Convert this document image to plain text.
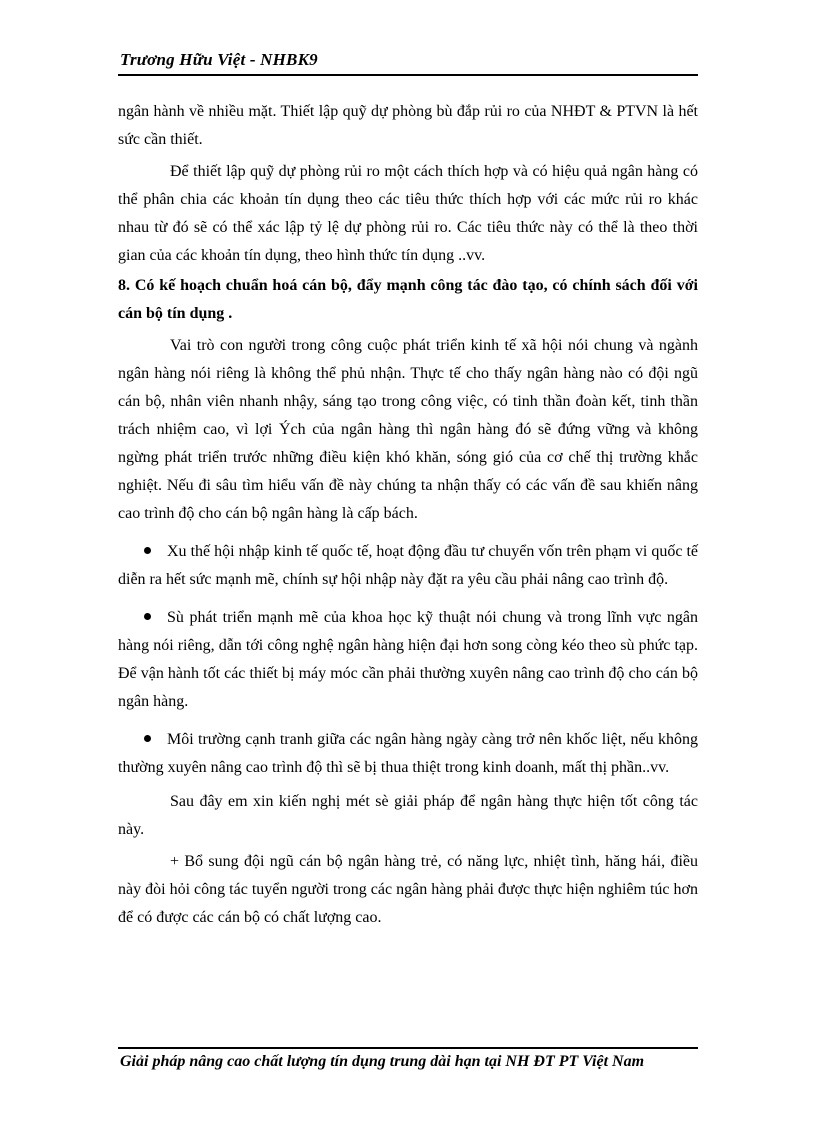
Trương Hữu Việt - NHBK9

ngân hành về nhiều mặt. Thiết lập quỹ dự phòng bù đắp rủi ro của NHĐT & PTVN là hết sức cần thiết.

Để thiết lập quỹ dự phòng rủi ro một cách thích hợp và có hiệu quả ngân hàng có thể phân chia các khoản tín dụng theo các tiêu thức thích hợp với các mức rủi ro khác nhau từ đó sẽ có thể xác lập tỷ lệ dự phòng rủi ro. Các tiêu thức này có thể là theo thời gian của các khoản tín dụng, theo hình thức tín dụng ..vv.

8. Có kế hoạch chuẩn hoá cán bộ, đẩy mạnh công tác đào tạo, có chính sách đối với cán bộ tín dụng .

Vai trò con người trong công cuộc phát triển kinh tế xã hội nói chung và ngành ngân hàng nói riêng là không thể phủ nhận. Thực tế cho thấy ngân hàng nào có đội ngũ cán bộ, nhân viên nhanh nhậy, sáng tạo trong công việc, có tinh thần đoàn kết, tinh thần trách nhiệm cao, vì lợi Ých của ngân hàng thì ngân hàng đó sẽ đứng vững và không ngừng phát triển trước những điều kiện khó khăn, sóng gió của cơ chế thị trường khắc nghiệt. Nếu đi sâu tìm hiểu vấn đề này chúng ta nhận thấy có các vấn đề sau khiến nâng cao trình độ cho cán bộ ngân hàng là cấp bách.

Xu thế hội nhập kinh tế quốc tế, hoạt động đầu tư chuyển vốn trên phạm vi quốc tế diễn ra hết sức mạnh mẽ, chính sự hội nhập này đặt ra yêu cầu phải nâng cao trình độ.

Sù phát triển mạnh mẽ của khoa học kỹ thuật nói chung và trong lĩnh vực ngân hàng nói riêng, dẫn tới công nghệ ngân hàng hiện đại hơn song còng kéo theo sù phức tạp. Để vận hành tốt các thiết bị máy móc cần phải thường xuyên nâng cao trình độ cho cán bộ ngân hàng.

Môi trường cạnh tranh giữa các ngân hàng ngày càng trở nên khốc liệt, nếu không thường xuyên nâng cao trình độ thì sẽ bị thua thiệt trong kinh doanh, mất thị phần..vv.

Sau đây em xin kiến nghị mét sè giải pháp để ngân hàng thực hiện tốt công tác này.

+ Bổ sung đội ngũ cán bộ ngân hàng trẻ, có năng lực, nhiệt tình, hăng hái, điều này đòi hỏi công tác tuyển người trong các ngân hàng phải được thực hiện nghiêm túc hơn để có được các cán bộ có chất lượng cao.

Giải pháp nâng cao chất lượng tín dụng trung dài hạn tại NH ĐT PT Việt Nam
